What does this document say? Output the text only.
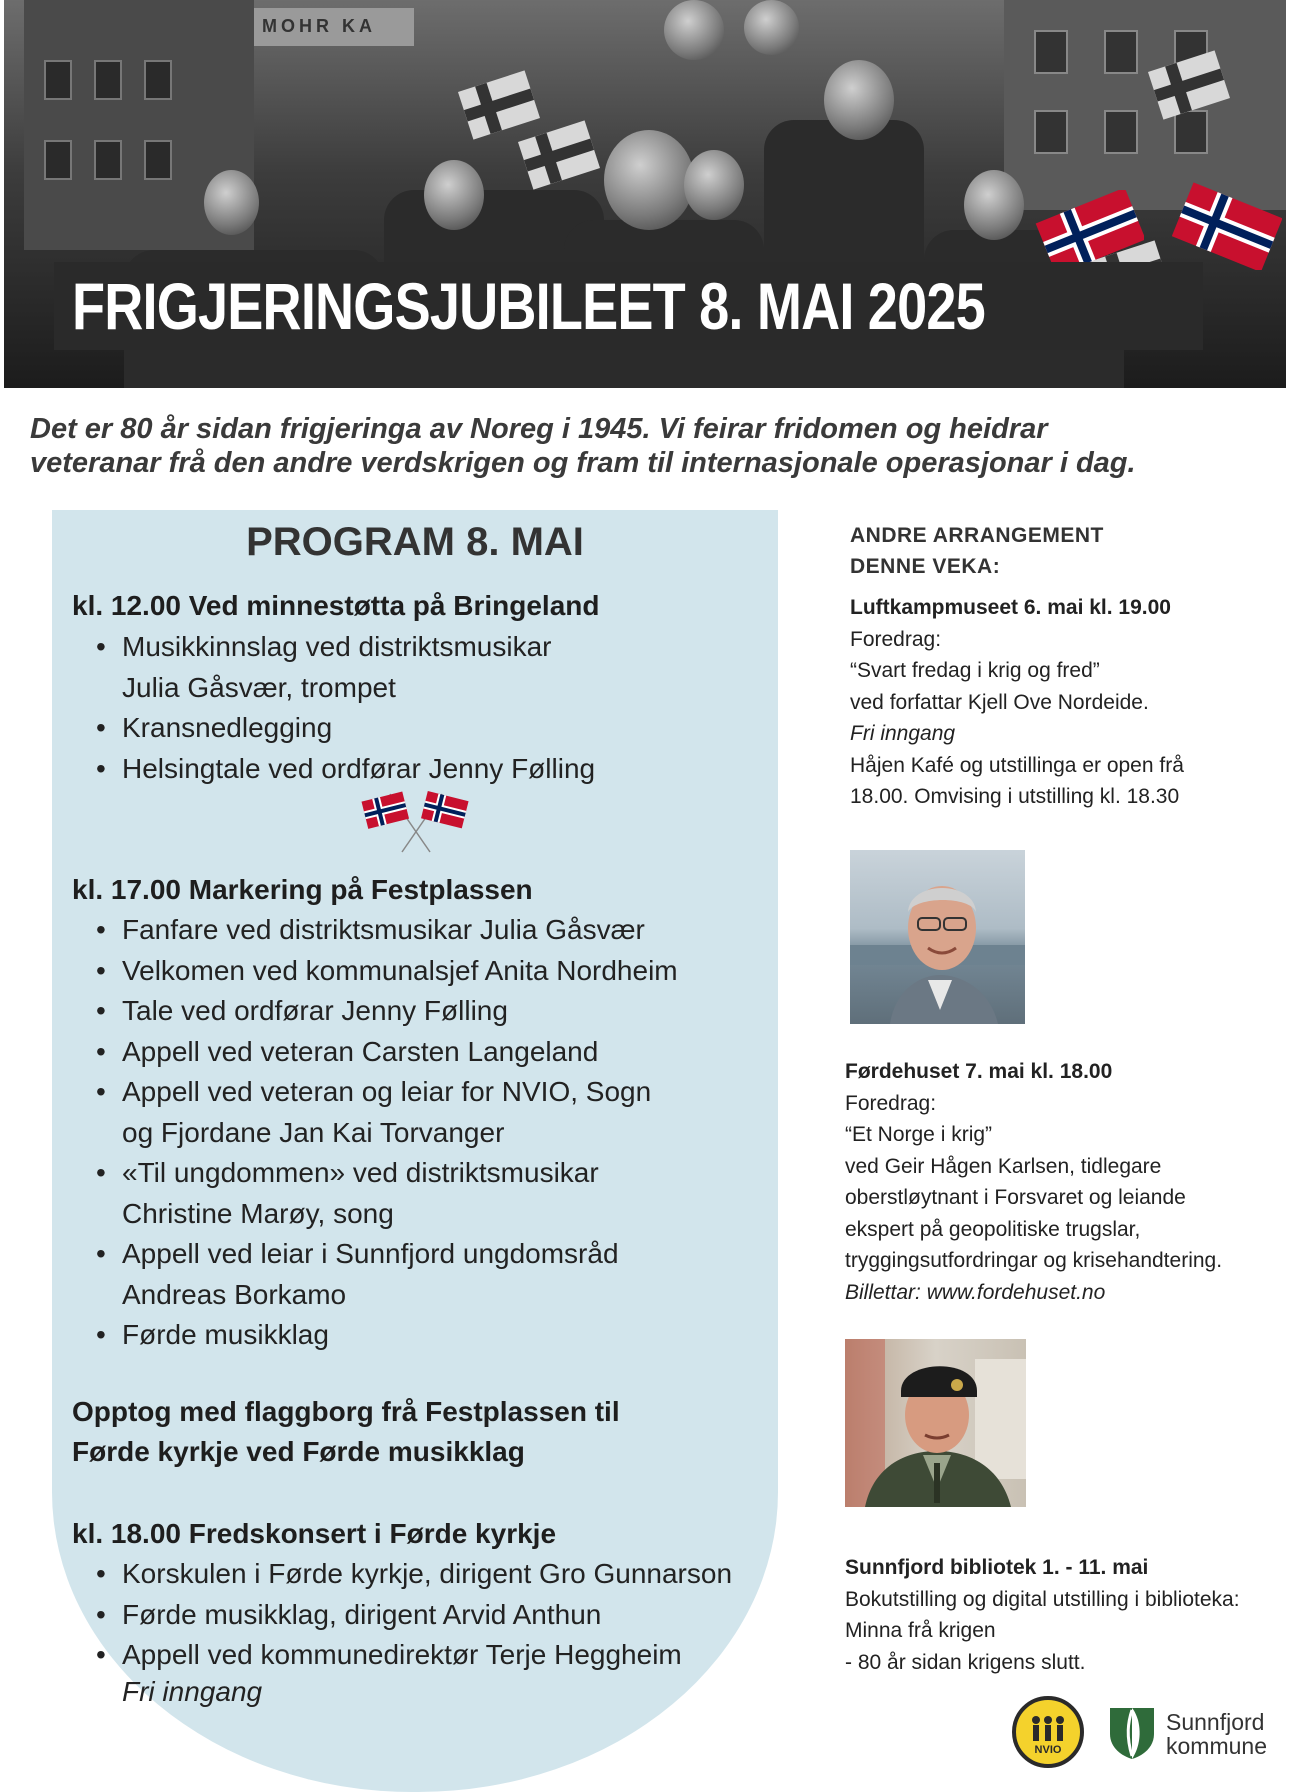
MOHR KA
FRIGJERINGSJUBILEET 8. MAI 2025
Det er 80 år sidan frigjeringa av Noreg i 1945. Vi feirar fridomen og heidrar
veteranar frå den andre verdskrigen og fram til internasjonale operasjonar i dag.
PROGRAM 8. MAI
kl. 12.00 Ved minnestøtta på Bringeland
• Musikkinnslag ved distriktsmusikar
Julia Gåsvær, trompet
• Kransnedlegging
• Helsingtale ved ordførar Jenny Følling
kl. 17.00 Markering på Festplassen
• Fanfare ved distriktsmusikar Julia Gåsvær
• Velkomen ved kommunalsjef Anita Nordheim
• Tale ved ordførar Jenny Følling
• Appell ved veteran Carsten Langeland
• Appell ved veteran og leiar for NVIO, Sogn
og Fjordane Jan Kai Torvanger
• «Til ungdommen» ved distriktsmusikar
Christine Marøy, song
• Appell ved leiar i Sunnfjord ungdomsråd
Andreas Borkamo
• Førde musikklag
Opptog med flaggborg frå Festplassen til
Førde kyrkje ved Førde musikklag
kl. 18.00 Fredskonsert i Førde kyrkje
• Korskulen i Førde kyrkje, dirigent Gro Gunnarson
• Førde musikklag, dirigent Arvid Anthun
• Appell ved kommunedirektør Terje Heggheim
Fri inngang
ANDRE ARRANGEMENT
DENNE VEKA:
Luftkampmuseet 6. mai kl. 19.00
Foredrag:
“Svart fredag i krig og fred”
ved forfattar Kjell Ove Nordeide.
Fri inngang
Håjen Kafé og utstillinga er open frå
18.00. Omvising i utstilling kl. 18.30
Førdehuset 7. mai kl. 18.00
Foredrag:
“Et Norge i krig”
ved Geir Hågen Karlsen, tidlegare
oberstløytnant i Forsvaret og leiande
ekspert på geopolitiske trugslar,
tryggingsutfordringar og krisehandtering.
Billettar: www.fordehuset.no
Sunnfjord bibliotek 1. - 11. mai
Bokutstilling og digital utstilling i biblioteka:
Minna frå krigen
- 80 år sidan krigens slutt.
NVIO
Sunnfjord
kommune
